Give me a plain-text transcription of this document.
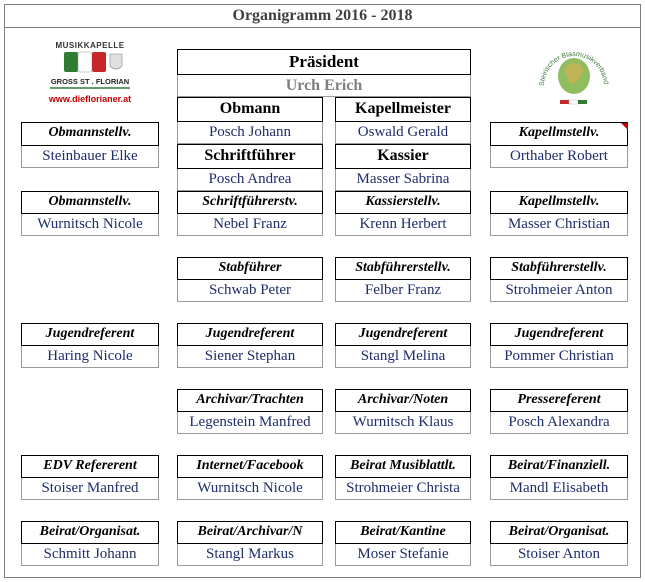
Organigramm 2016 - 2018
MUSIKKAPELLE
GROSS ST . FLORIAN
www.dieflorianer.at
Steirischer Blasmusikverband
Präsident
Urch Erich
Obmann
Posch Johann
Kapellmeister
Oswald Gerald
Schriftführer
Posch Andrea
Kassier
Masser Sabrina
Obmannstellv.
Steinbauer Elke
Kapellmstellv.
Orthaber Robert
Obmannstellv.
Wurnitsch Nicole
Schriftführerstv.
Nebel Franz
Kassierstellv.
Krenn Herbert
Kapellmstellv.
Masser Christian
Stabführer
Schwab Peter
Stabführerstellv.
Felber Franz
Stabführerstellv.
Strohmeier Anton
Jugendreferent
Haring Nicole
Jugendreferent
Siener Stephan
Jugendreferent
Stangl Melina
Jugendreferent
Pommer Christian
Archivar/Trachten
Legenstein Manfred
Archivar/Noten
Wurnitsch Klaus
Pressereferent
Posch Alexandra
EDV Refererent
Stoiser Manfred
Internet/Facebook
Wurnitsch Nicole
Beirat Musiblattlt.
Strohmeier Christa
Beirat/Finanziell.
Mandl Elisabeth
Beirat/Organisat.
Schmitt Johann
Beirat/Archivar/N
Stangl Markus
Beirat/Kantine
Moser Stefanie
Beirat/Organisat.
Stoiser Anton
